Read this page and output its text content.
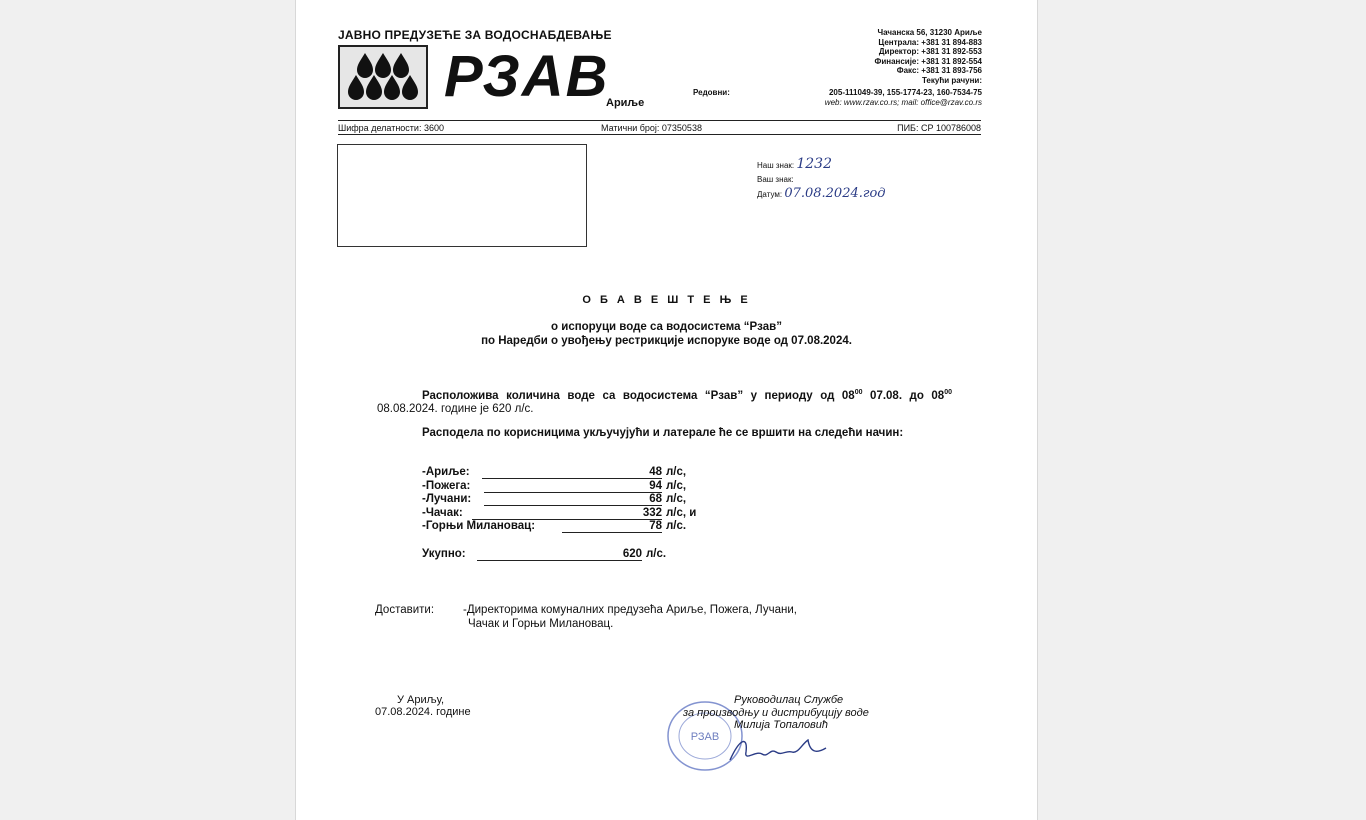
ЈАВНО ПРЕДУЗЕЋЕ ЗА ВОДОСНАБДЕВАЊЕ
РЗАВ
Ариље
Чачанска 56, 31230 Ариље
Централа: +381 31 894-883
Директор: +381 31 892-553
Финансије: +381 31 892-554
Факс: +381 31 893-756
Текући рачуни:
Редовни:	205-111049-39, 155-1774-23, 160-7534-75
web: www.rzav.co.rs; mail: office@rzav.co.rs
Шифра делатности: 3600	Матични број: 07350538	ПИБ: СР 100786008
Наш знак: 1232
Ваш знак:
Датум: 07.08.2024.год
О Б А В Е Ш Т Е Њ Е
о испоруци воде са водосистема “Рзав”
по Наредби о увођењу рестрикције испоруке воде од 07.08.2024.
Расположива количина воде са водосистема “Рзав” у периоду од $08^{00}$ 07.08. до $08^{00}$ 08.08.2024. године је 620 л/с.
Расподела по корисницима укључујући и латерале ће се вршити на следећи начин:
-Ариље:	48 л/с,
-Пожега:	94 л/с,
-Лучани:	68 л/с,
-Чачак:	332 л/с, и
-Горњи Милановац:	78 л/с.
Укупно:	620 л/с.
Доставити:	-Директорима комуналних предузећа Ариље, Пожега, Лучани,
Чачак и Горњи Милановац.
У Ариљу,
07.08.2024. године
РЗАВ
Руководилац Службе
за производњу и дистрибуцију воде
Милија Топаловић
